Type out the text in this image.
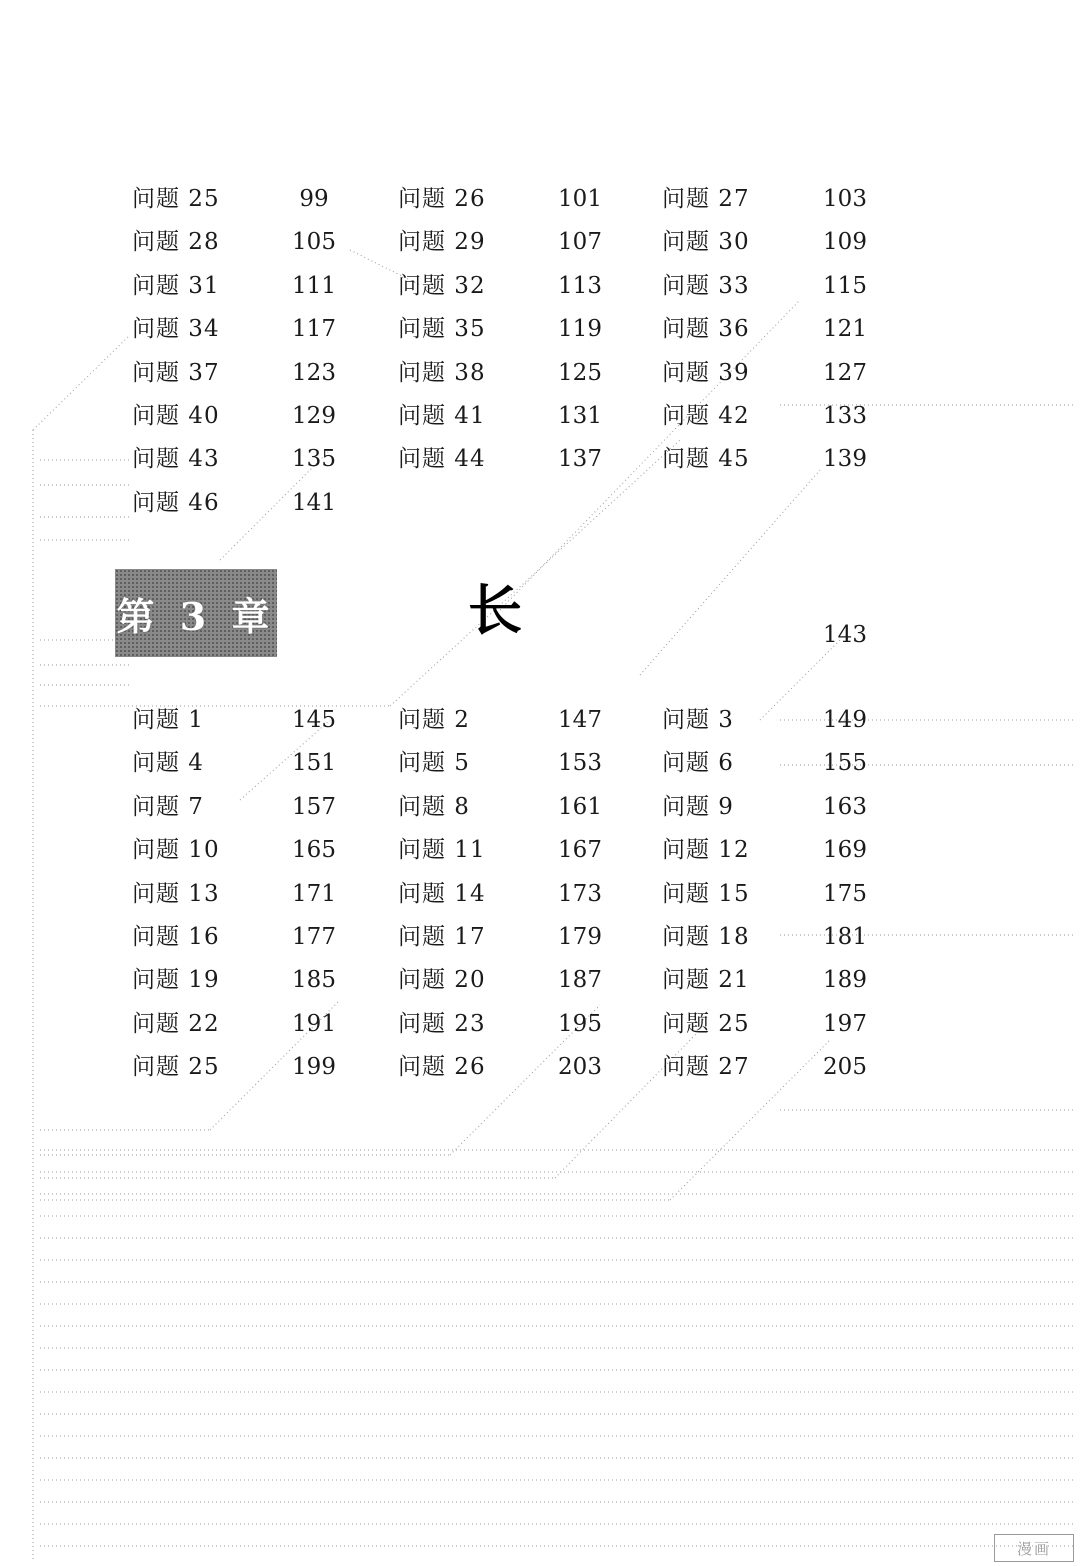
问题 25	99	问题 26	101	问题 27	103
问题 28	105	问题 29	107	问题 30	109
问题 31	111	问题 32	113	问题 33	115
问题 34	117	问题 35	119	问题 36	121
问题 37	123	问题 38	125	问题 39	127
问题 40	129	问题 41	131	问题 42	133
问题 43	135	问题 44	137	问题 45	139
问题 46	141
第 3 章	长	143
问题 1	145	问题 2	147	问题 3	149
问题 4	151	问题 5	153	问题 6	155
问题 7	157	问题 8	161	问题 9	163
问题 10	165	问题 11	167	问题 12	169
问题 13	171	问题 14	173	问题 15	175
问题 16	177	问题 17	179	问题 18	181
问题 19	185	问题 20	187	问题 21	189
问题 22	191	问题 23	195	问题 25	197
问题 25	199	问题 26	203	问题 27	205
漫画
